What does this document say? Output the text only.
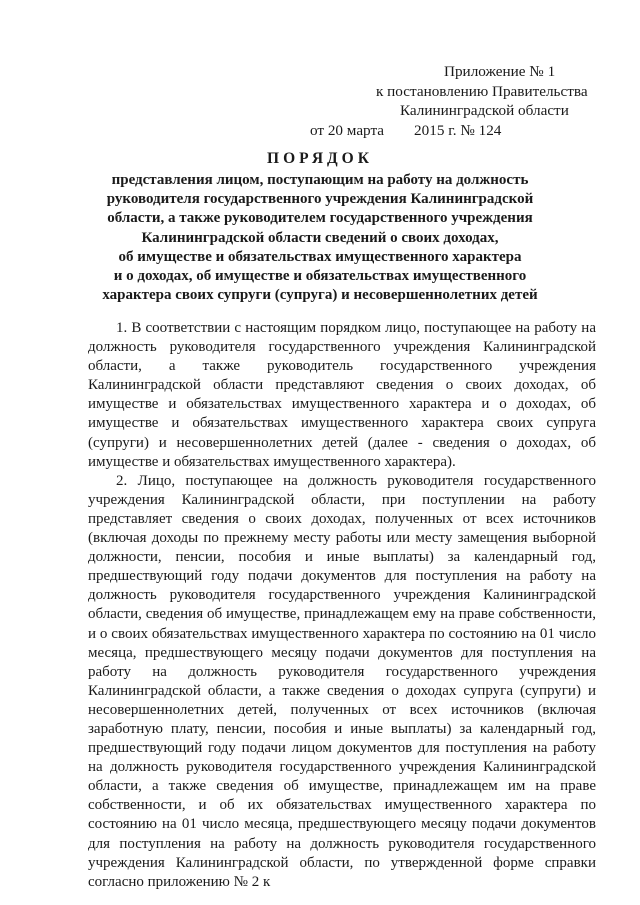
Приложение № 1
к постановлению Правительства
Калининградской области
от 20 марта 2015 г. № 124
ПОРЯДОК
представления лицом, поступающим на работу на должность
руководителя государственного учреждения Калининградской
области, а также руководителем государственного учреждения
Калининградской области сведений о своих доходах,
об имуществе и обязательствах имущественного характера
и о доходах, об имуществе и обязательствах имущественного
характера своих супруги (супруга) и несовершеннолетних детей

1. В соответствии с настоящим порядком лицо, поступающее на работу на должность руководителя государственного учреждения Калининградской области, а также руководитель государственного учреждения Калининградской области представляют сведения о своих доходах, об имуществе и обязательствах имущественного характера и о доходах, об имуществе и обязательствах имущественного характера своих супруга (супруги) и несовершеннолетних детей (далее - сведения о доходах, об имуществе и обязательствах имущественного характера).

2. Лицо, поступающее на должность руководителя государственного учреждения Калининградской области, при поступлении на работу представляет сведения о своих доходах, полученных от всех источников (включая доходы по прежнему месту работы или месту замещения выборной должности, пенсии, пособия и иные выплаты) за календарный год, предшествующий году подачи документов для поступления на работу на должность руководителя государственного учреждения Калининградской области, сведения об имуществе, принадлежащем ему на праве собственности, и о своих обязательствах имущественного характера по состоянию на 01 число месяца, предшествующего месяцу подачи документов для поступления на работу на должность руководителя государственного учреждения Калининградской области, а также сведения о доходах супруга (супруги) и несовершеннолетних детей, полученных от всех источников (включая заработную плату, пенсии, пособия и иные выплаты) за календарный год, предшествующий году подачи лицом документов для поступления на работу на должность руководителя государственного учреждения Калининградской области, а также сведения об имуществе, принадлежащем им на праве собственности, и об их обязательствах имущественного характера по состоянию на 01 число месяца, предшествующего месяцу подачи документов для поступления на работу на должность руководителя государственного учреждения Калининградской области, по утвержденной форме справки согласно приложению № 2 к
